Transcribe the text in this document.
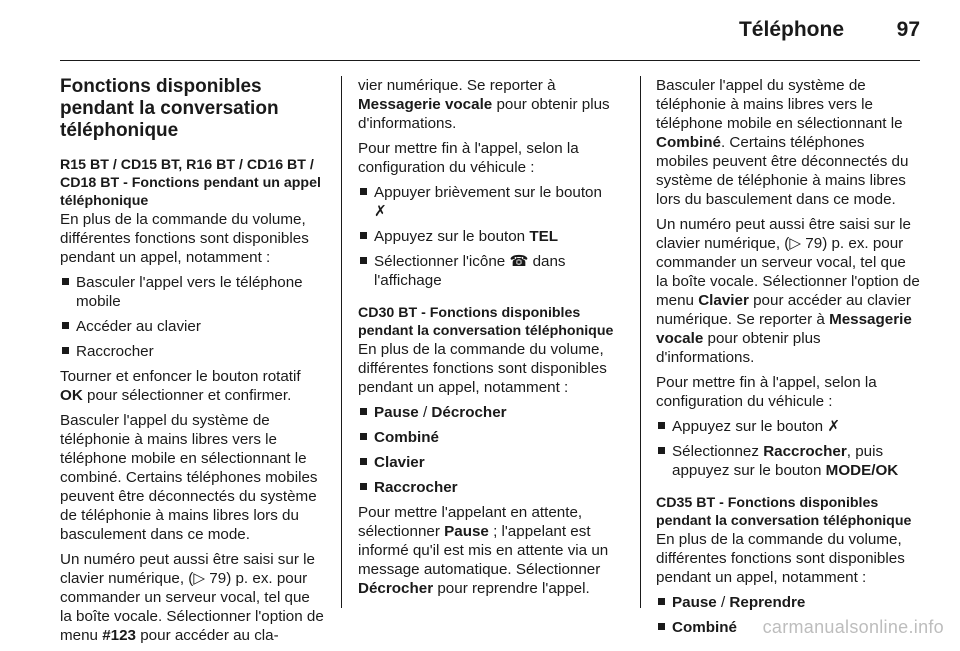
Téléphone	97
Fonctions disponibles pendant la conversation téléphonique

R15 BT / CD15 BT, R16 BT / CD16 BT / CD18 BT - Fonctions pendant un appel téléphonique

En plus de la commande du volume, différentes fonctions sont disponibles pendant un appel, notamment :

Basculer l'appel vers le téléphone mobile
Accéder au clavier
Raccrocher

Tourner et enfoncer le bouton rotatif OK pour sélectionner et confirmer.

Basculer l'appel du système de téléphonie à mains libres vers le téléphone mobile en sélectionnant le combiné. Certains téléphones mobiles peuvent être déconnectés du système de téléphonie à mains libres lors du basculement dans ce mode.

Un numéro peut aussi être saisi sur le clavier numérique, (▷ 79) p. ex. pour commander un serveur vocal, tel que la boîte vocale. Sélectionner l'option de menu #123 pour accéder au cla-

vier numérique. Se reporter à Messagerie vocale pour obtenir plus d'informations.

Pour mettre fin à l'appel, selon la configuration du véhicule :

Appuyer brièvement sur le bouton
✗
Appuyez sur le bouton TEL
Sélectionner l'icône ☎ dans l'affichage

CD30 BT - Fonctions disponibles pendant la conversation téléphonique

En plus de la commande du volume, différentes fonctions sont disponibles pendant un appel, notamment :

Pause / Décrocher
Combiné
Clavier
Raccrocher

Pour mettre l'appelant en attente, sélectionner Pause ; l'appelant est informé qu'il est mis en attente via un message automatique. Sélectionner Décrocher pour reprendre l'appel.

Basculer l'appel du système de téléphonie à mains libres vers le téléphone mobile en sélectionnant le Combiné. Certains téléphones mobiles peuvent être déconnectés du système de téléphonie à mains libres lors du basculement dans ce mode.

Un numéro peut aussi être saisi sur le clavier numérique, (▷ 79) p. ex. pour commander un serveur vocal, tel que la boîte vocale. Sélectionner l'option de menu Clavier pour accéder au clavier numérique. Se reporter à Messagerie vocale pour obtenir plus d'informations.

Pour mettre fin à l'appel, selon la configuration du véhicule :

Appuyez sur le bouton ✗
Sélectionnez Raccrocher, puis appuyez sur le bouton MODE/OK

CD35 BT - Fonctions disponibles pendant la conversation téléphonique

En plus de la commande du volume, différentes fonctions sont disponibles pendant un appel, notamment :

Pause / Reprendre
Combiné	carmanualsonline.info
